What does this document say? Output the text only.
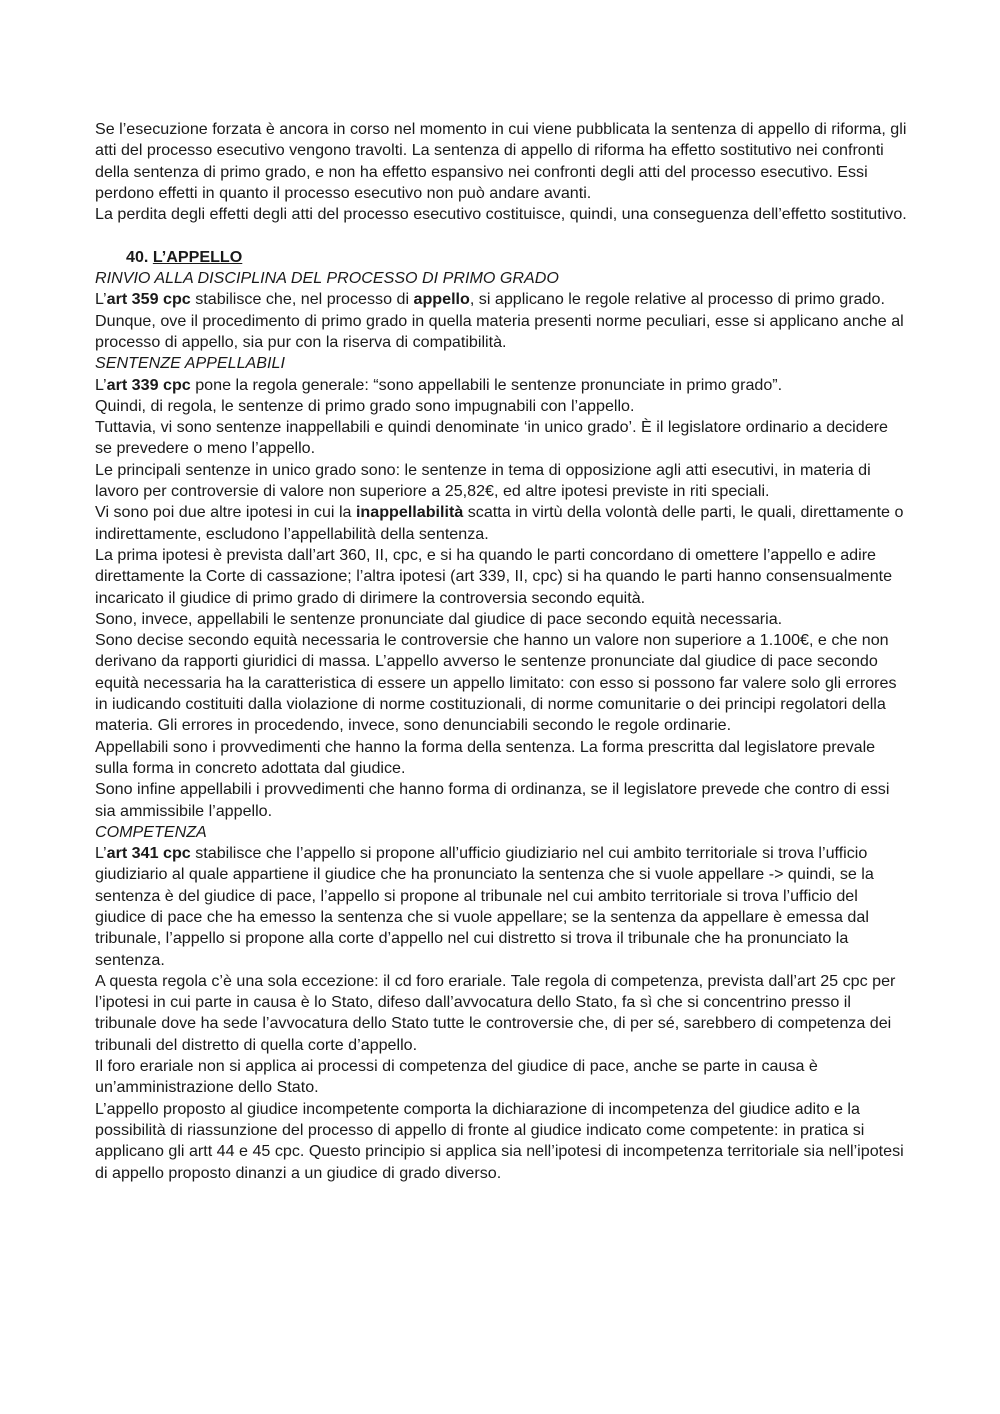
Se l’esecuzione forzata è ancora in corso nel momento in cui viene pubblicata la sentenza di appello di riforma, gli atti del processo esecutivo vengono travolti. La sentenza di appello di riforma ha effetto sostitutivo nei confronti della sentenza di primo grado, e non ha effetto espansivo nei confronti degli atti del processo esecutivo. Essi perdono effetti in quanto il processo esecutivo non può andare avanti.

La perdita degli effetti degli atti del processo esecutivo costituisce, quindi, una conseguenza dell’effetto sostitutivo.

40. L’APPELLO

RINVIO ALLA DISCIPLINA DEL PROCESSO DI PRIMO GRADO

L’art 359 cpc stabilisce che, nel processo di appello, si applicano le regole relative al processo di primo grado.

Dunque, ove il procedimento di primo grado in quella materia presenti norme peculiari, esse si applicano anche al processo di appello, sia pur con la riserva di compatibilità.

SENTENZE APPELLABILI

L’art 339 cpc pone la regola generale: “sono appellabili le sentenze pronunciate in primo grado”.

Quindi, di regola, le sentenze di primo grado sono impugnabili con l’appello.

Tuttavia, vi sono sentenze inappellabili e quindi denominate ‘in unico grado’. È il legislatore ordinario a decidere se prevedere o meno l’appello.

Le principali sentenze in unico grado sono: le sentenze in tema di opposizione agli atti esecutivi, in materia di lavoro per controversie di valore non superiore a 25,82€, ed altre ipotesi previste in riti speciali.

Vi sono poi due altre ipotesi in cui la inappellabilità scatta in virtù della volontà delle parti, le quali, direttamente o indirettamente, escludono l’appellabilità della sentenza.

La prima ipotesi è prevista dall’art 360, II, cpc, e si ha quando le parti concordano di omettere l’appello e adire direttamente la Corte di cassazione; l’altra ipotesi (art 339, II, cpc) si ha quando le parti hanno consensualmente incaricato il giudice di primo grado di dirimere la controversia secondo equità.

Sono, invece, appellabili le sentenze pronunciate dal giudice di pace secondo equità necessaria.

Sono decise secondo equità necessaria le controversie che hanno un valore non superiore a 1.100€, e che non derivano da rapporti giuridici di massa. L’appello avverso le sentenze pronunciate dal giudice di pace secondo equità necessaria ha la caratteristica di essere un appello limitato: con esso si possono far valere solo gli errores in iudicando costituiti dalla violazione di norme costituzionali, di norme comunitarie o dei principi regolatori della materia. Gli errores in procedendo, invece, sono denunciabili secondo le regole ordinarie.

Appellabili sono i provvedimenti che hanno la forma della sentenza. La forma prescritta dal legislatore prevale sulla forma in concreto adottata dal giudice.

Sono infine appellabili i provvedimenti che hanno forma di ordinanza, se il legislatore prevede che contro di essi sia ammissibile l’appello.

COMPETENZA

L’art 341 cpc stabilisce che l’appello si propone all’ufficio giudiziario nel cui ambito territoriale si trova l’ufficio giudiziario al quale appartiene il giudice che ha pronunciato la sentenza che si vuole appellare -> quindi, se la sentenza è del giudice di pace, l’appello si propone al tribunale nel cui ambito territoriale si trova l’ufficio del giudice di pace che ha emesso la sentenza che si vuole appellare; se la sentenza da appellare è emessa dal tribunale, l’appello si propone alla corte d’appello nel cui distretto si trova il tribunale che ha pronunciato la sentenza.

A questa regola c’è una sola eccezione: il cd foro erariale. Tale regola di competenza, prevista dall’art 25 cpc per l’ipotesi in cui parte in causa è lo Stato, difeso dall’avvocatura dello Stato, fa sì che si concentrino presso il tribunale dove ha sede l’avvocatura dello Stato tutte le controversie che, di per sé, sarebbero di competenza dei tribunali del distretto di quella corte d’appello.

Il foro erariale non si applica ai processi di competenza del giudice di pace, anche se parte in causa è un’amministrazione dello Stato.

L’appello proposto al giudice incompetente comporta la dichiarazione di incompetenza del giudice adito e la possibilità di riassunzione del processo di appello di fronte al giudice indicato come competente: in pratica si applicano gli artt 44 e 45 cpc. Questo principio si applica sia nell’ipotesi di incompetenza territoriale sia nell’ipotesi di appello proposto dinanzi a un giudice di grado diverso.
